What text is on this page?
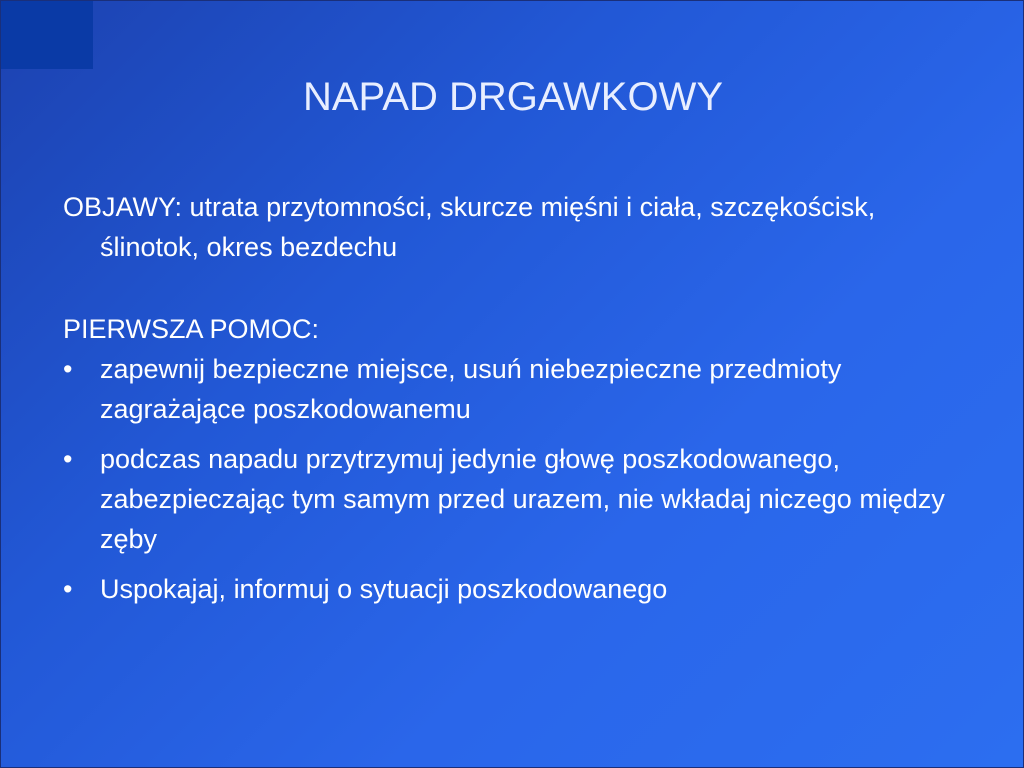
NAPAD DRGAWKOWY

OBJAWY: utrata przytomności, skurcze mięśni i ciała, szczękościsk, ślinotok, okres bezdechu

PIERWSZA POMOC:

•	zapewnij bezpieczne miejsce, usuń niebezpieczne przedmioty zagrażające poszkodowanemu
•	podczas napadu przytrzymuj jedynie głowę poszkodowanego, zabezpieczając tym samym przed urazem, nie wkładaj niczego między zęby
•	Uspokajaj, informuj o sytuacji poszkodowanego
